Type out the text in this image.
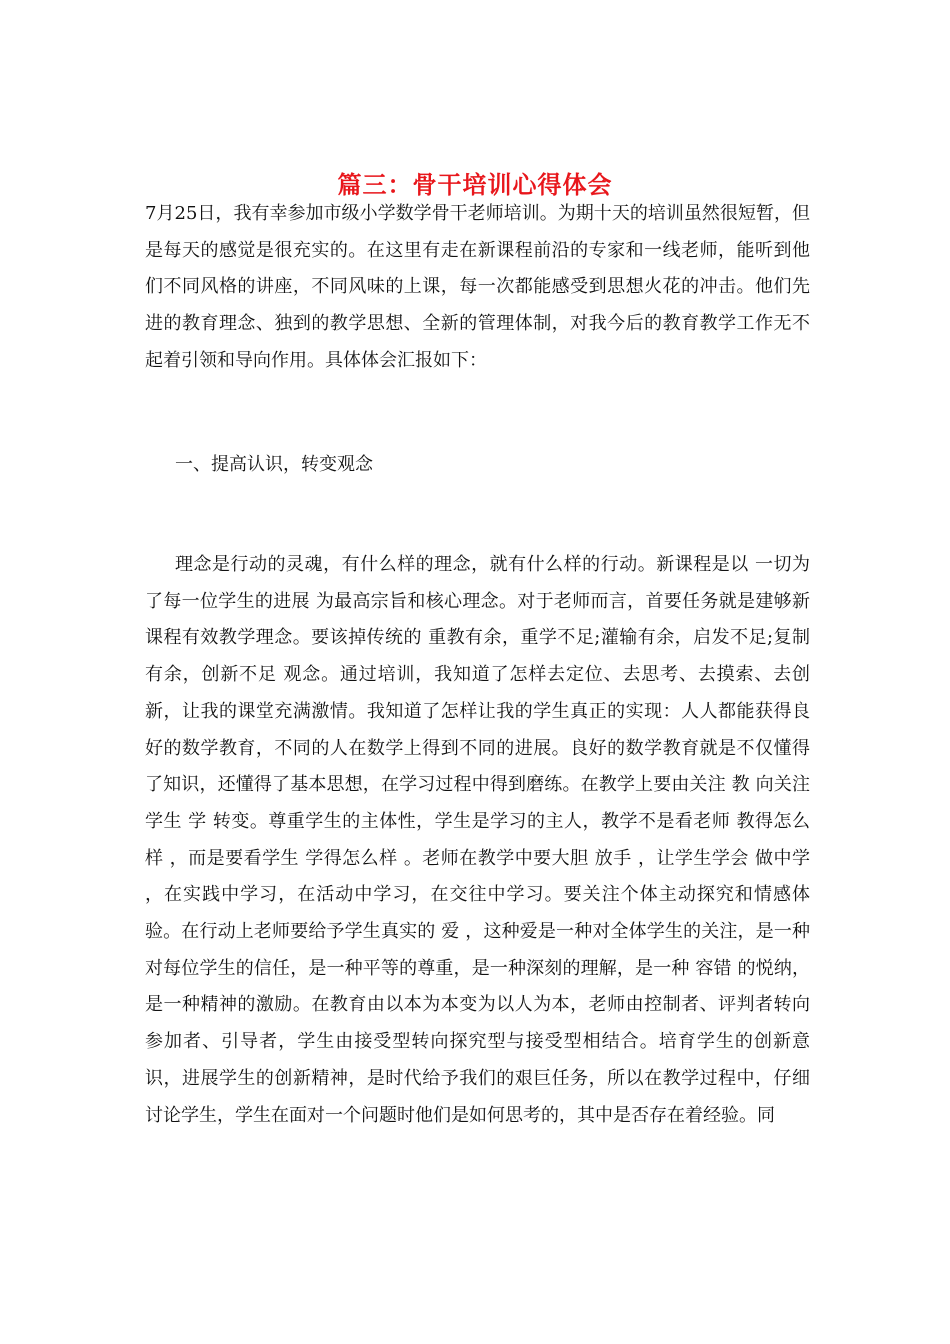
篇三：骨干培训心得体会

7月25日，我有幸参加市级小学数学骨干老师培训。为期十天的培训虽然很短暂，但是每天的感觉是很充实的。在这里有走在新课程前沿的专家和一线老师，能听到他们不同风格的讲座，不同风味的上课，每一次都能感受到思想火花的冲击。他们先进的教育理念、独到的教学思想、全新的管理体制，对我今后的教育教学工作无不起着引领和导向作用。具体体会汇报如下：

一、提高认识，转变观念

理念是行动的灵魂，有什么样的理念，就有什么样的行动。新课程是以 一切为了每一位学生的进展 为最高宗旨和核心理念。对于老师而言，首要任务就是建够新课程有效教学理念。要该掉传统的 重教有余，重学不足;灌输有余，启发不足;复制有余，创新不足 观念。通过培训，我知道了怎样去定位、去思考、去摸索、去创新，让我的课堂充满激情。我知道了怎样让我的学生真正的实现：人人都能获得良好的数学教育，不同的人在数学上得到不同的进展。良好的数学教育就是不仅懂得了知识，还懂得了基本思想，在学习过程中得到磨练。在教学上要由关注 教 向关注学生 学 转变。尊重学生的主体性，学生是学习的主人，教学不是看老师 教得怎么样 ，而是要看学生 学得怎么样 。老师在教学中要大胆 放手 ，让学生学会 做中学 ，在实践中学习，在活动中学习，在交往中学习。要关注个体主动探究和情感体验。在行动上老师要给予学生真实的 爱 ，这种爱是一种对全体学生的关注，是一种对每位学生的信任，是一种平等的尊重，是一种深刻的理解，是一种 容错 的悦纳，是一种精神的激励。在教育由以本为本变为以人为本，老师由控制者、评判者转向参加者、引导者，学生由接受型转向探究型与接受型相结合。培育学生的创新意识，进展学生的创新精神，是时代给予我们的艰巨任务，所以在教学过程中，仔细讨论学生，学生在面对一个问题时他们是如何思考的，其中是否存在着经验。同
